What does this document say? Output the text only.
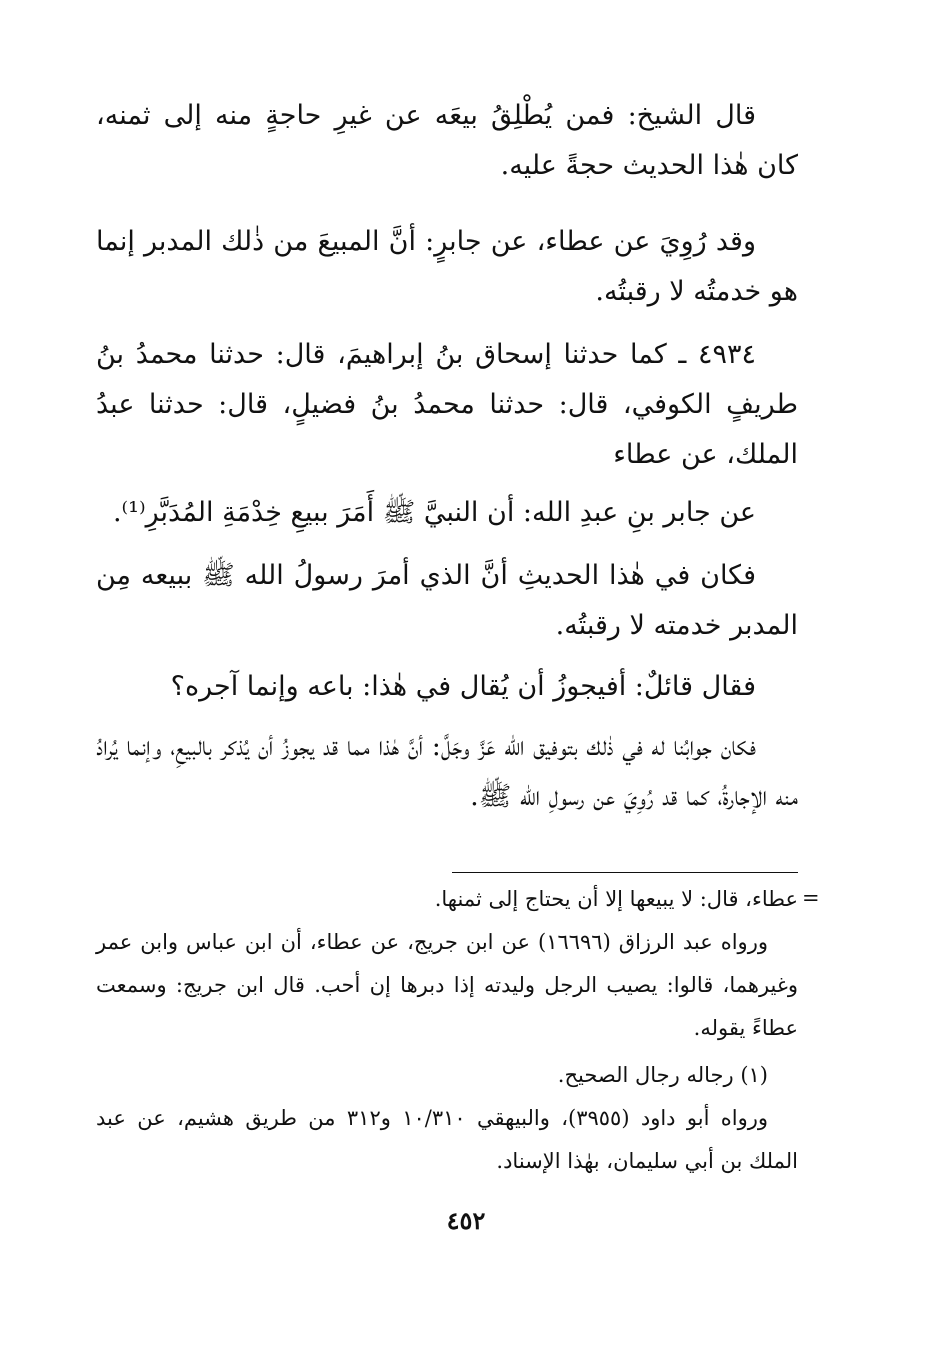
قال الشيخ: فمن يُطْلِقُ بيعَه عن غيرِ حاجةٍ منه إلى ثمنه، كان هٰذا الحديث حجةً عليه.

وقد رُوِيَ عن عطاء، عن جابرٍ: أنَّ المبيعَ من ذٰلك المدبر إنما هو خدمتُه لا رقبتُه.

٤٩٣٤ ـ كما حدثنا إسحاق بنُ إبراهيمَ، قال: حدثنا محمدُ بنُ طريفٍ الكوفي، قال: حدثنا محمدُ بنُ فضيلٍ، قال: حدثنا عبدُ الملك، عن عطاء

عن جابر بنِ عبدِ الله: أن النبيَّ ﷺ أَمَرَ ببيعِ خِدْمَةِ المُدَبَّرِ⁽¹⁾.

فكان في هٰذا الحديثِ أنَّ الذي أمرَ رسولُ الله ﷺ ببيعه مِن المدبر خدمته لا رقبتُه.

فقال قائلٌ: أفيجوزُ أن يُقال في هٰذا: باعه وإنما آجره؟

فكان جوابُنا له في ذٰلك بتوفيق الله عَزَّ وجَلَّ: أنَّ هٰذا مما قد يجوزُ أن يُذكر بالبيعِ، وإنما يُرادُ منه الإجارةُ، كما قد رُوِيَ عن رسولِ الله ﷺ.

=

عطاء، قال: لا يبيعها إلا أن يحتاج إلى ثمنها.

ورواه عبد الرزاق (١٦٦٩٦) عن ابن جريج، عن عطاء، أن ابن عباس وابن عمر وغيرهما، قالوا: يصيب الرجل وليدته إذا دبرها إن أحب. قال ابن جريج: وسمعت عطاءً يقوله.

(١) رجاله رجال الصحيح.

ورواه أبو داود (٣٩٥٥)، والبيهقي ١٠/٣١٠ و٣١٢ من طريق هشيم، عن عبد الملك بن أبي سليمان، بهٰذا الإسناد.

٤٥٢
